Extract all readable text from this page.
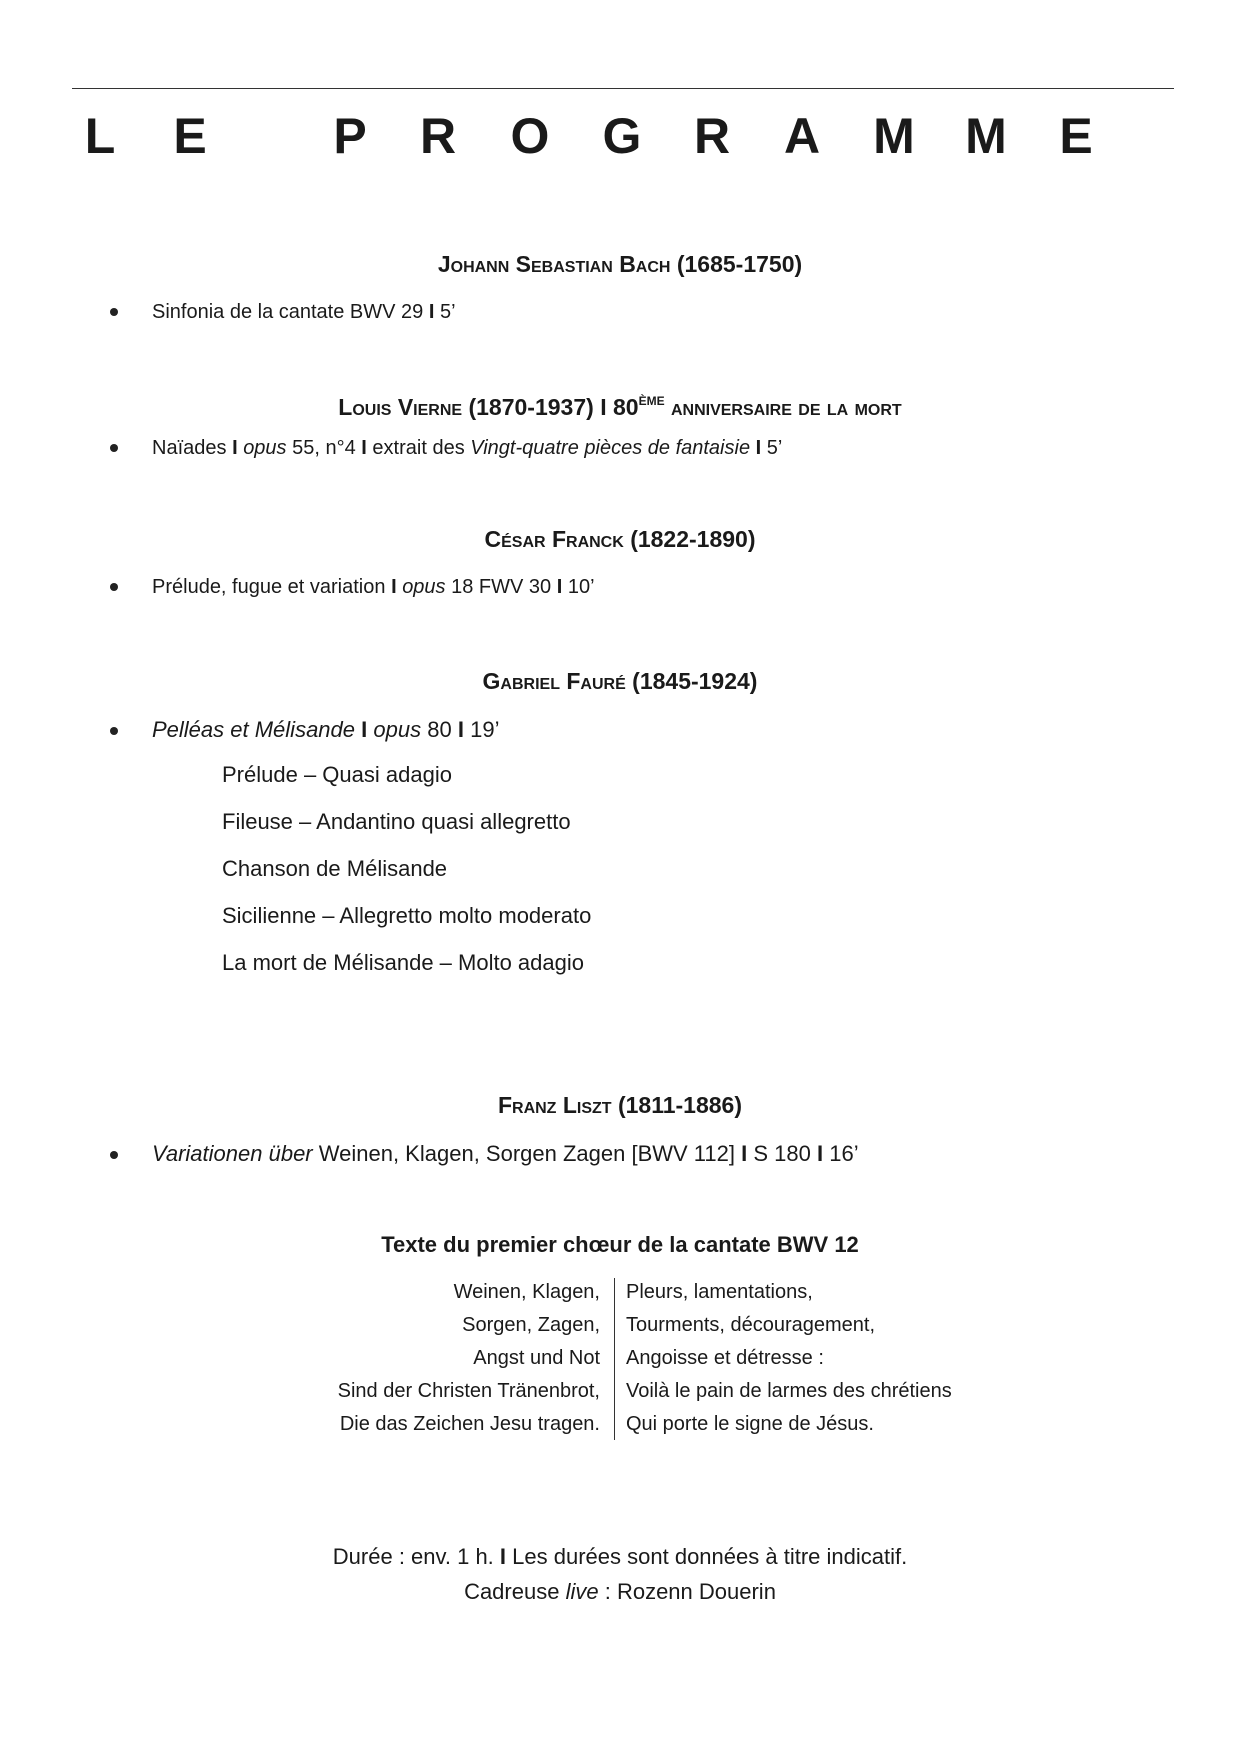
L E	P R O G R A M M E
Johann Sebastian Bach (1685-1750)
Sinfonia de la cantate BWV 29 I 5’
Louis Vierne (1870-1937) I 80ÈME anniversaire de la mort
Naïades I opus 55, n°4 I extrait des Vingt-quatre pièces de fantaisie I 5’
César Franck (1822-1890)
Prélude, fugue et variation I opus 18 FWV 30 I 10’
Gabriel Fauré (1845-1924)
Pelléas et Mélisande I opus 80 I 19’
Prélude – Quasi adagio
Fileuse – Andantino quasi allegretto
Chanson de Mélisande
Sicilienne – Allegretto molto moderato
La mort de Mélisande – Molto adagio
Franz Liszt (1811-1886)
Variationen über Weinen, Klagen, Sorgen Zagen [BWV 112] I S 180 I 16’
Texte du premier chœur de la cantate BWV 12
Weinen, Klagen,
Sorgen, Zagen,
Angst und Not
Sind der Christen Tränenbrot,
Die das Zeichen Jesu tragen.
Pleurs, lamentations,
Tourments, découragement,
Angoisse et détresse :
Voilà le pain de larmes des chrétiens
Qui porte le signe de Jésus.
Durée : env. 1 h. I Les durées sont données à titre indicatif.
Cadreuse live : Rozenn Douerin
